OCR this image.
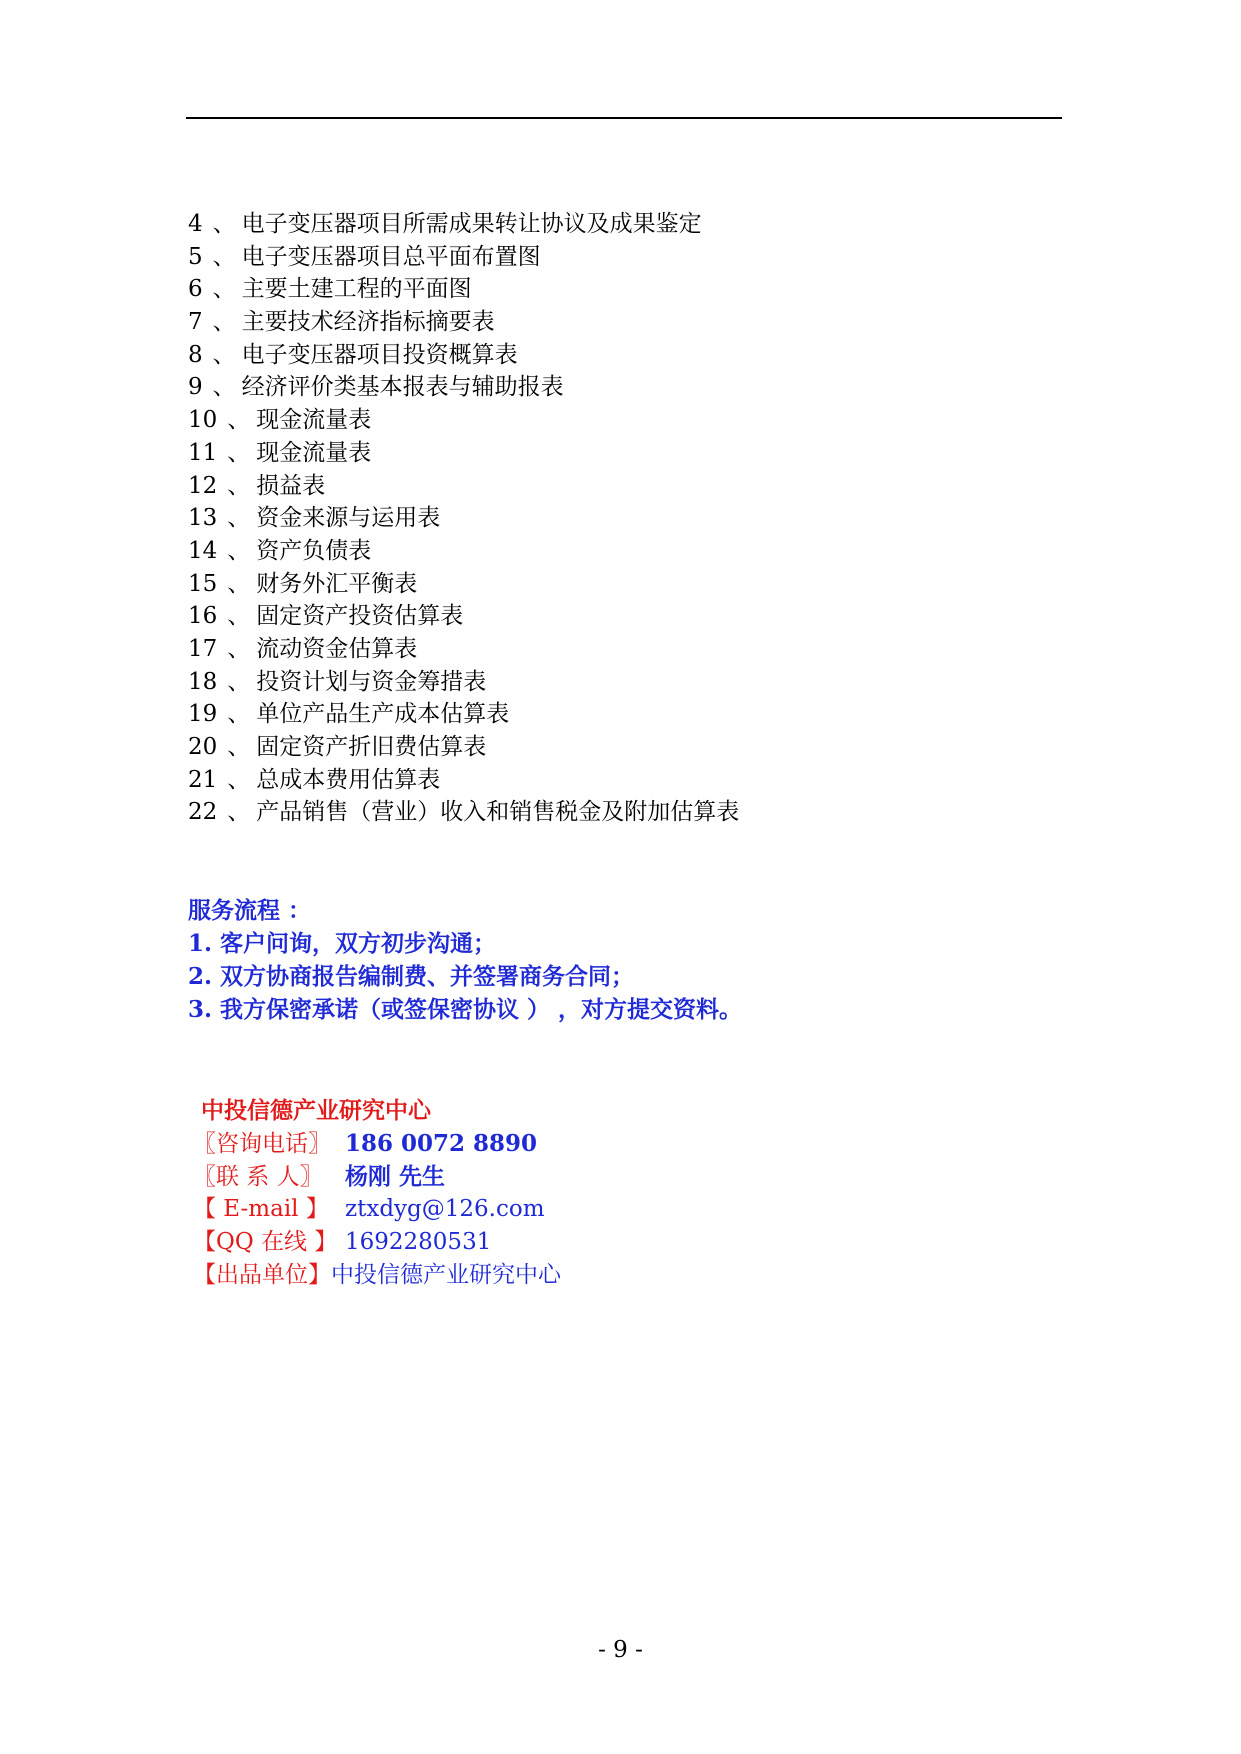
4 、 电子变压器项目所需成果转让协议及成果鉴定
5 、 电子变压器项目总平面布置图
6 、 主要土建工程的平面图
7 、 主要技术经济指标摘要表
8 、 电子变压器项目投资概算表
9 、 经济评价类基本报表与辅助报表
10 、 现金流量表
11 、 现金流量表
12 、 损益表
13 、 资金来源与运用表
14 、 资产负债表
15 、 财务外汇平衡表
16 、 固定资产投资估算表
17 、 流动资金估算表
18 、 投资计划与资金筹措表
19 、 单位产品生产成本估算表
20 、 固定资产折旧费估算表
21 、 总成本费用估算表
22 、 产品销售（营业）收入和销售税金及附加估算表
服务流程 ：
1. 客户问询，双方初步沟通；
2. 双方协商报告编制费、并签署商务合同；
3. 我方保密承诺（或签保密协议 ） ，对方提交资料。
中投信德产业研究中心
〖咨询电话〗 186 0072 8890
〖联 系 人〗 杨刚 先生
【 E-mail 】 ztxdyg@126.com
【QQ 在线 】 1692280531
【出品单位】中投信德产业研究中心
- 9 -
